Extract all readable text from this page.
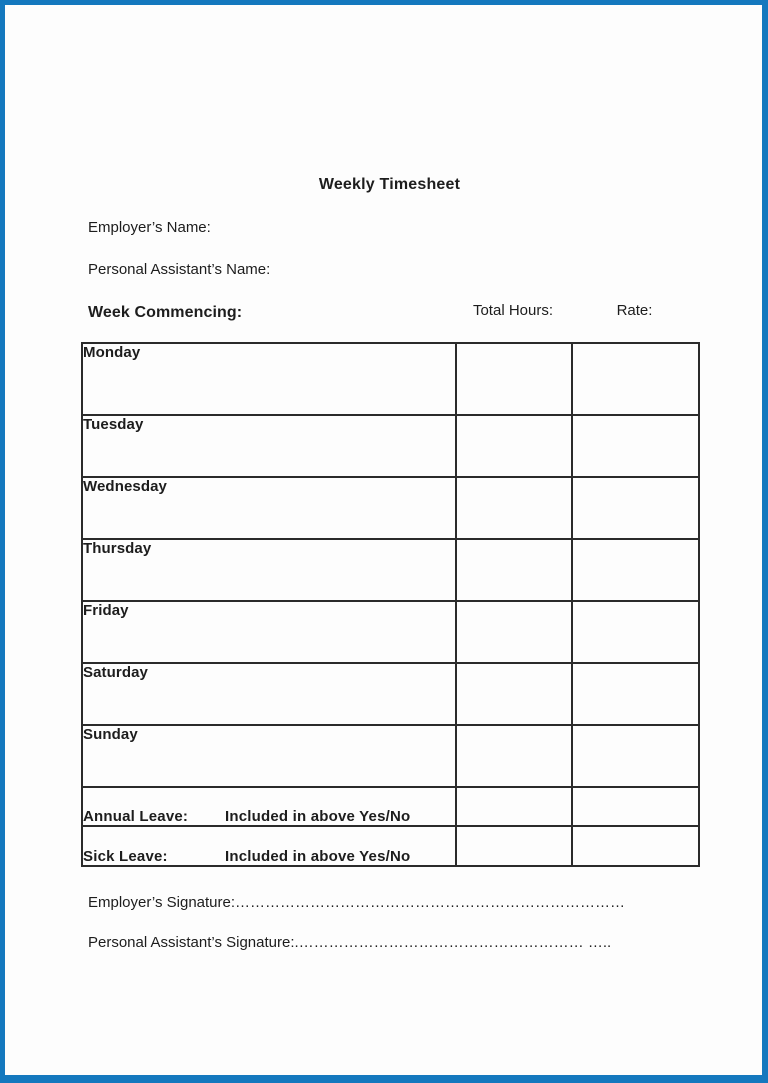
Weekly Timesheet
Employer’s Name:
Personal Assistant’s Name:
Week Commencing:	Total Hours:	Rate:
Monday		
Tuesday		
Wednesday		
Thursday		
Friday		
Saturday		
Sunday		
Annual Leave: Included in above Yes/No		
Sick Leave: Included in above Yes/No		
Employer’s Signature:……………………………………………………………………
Personal Assistant’s Signature:.………………………………………………… …..
